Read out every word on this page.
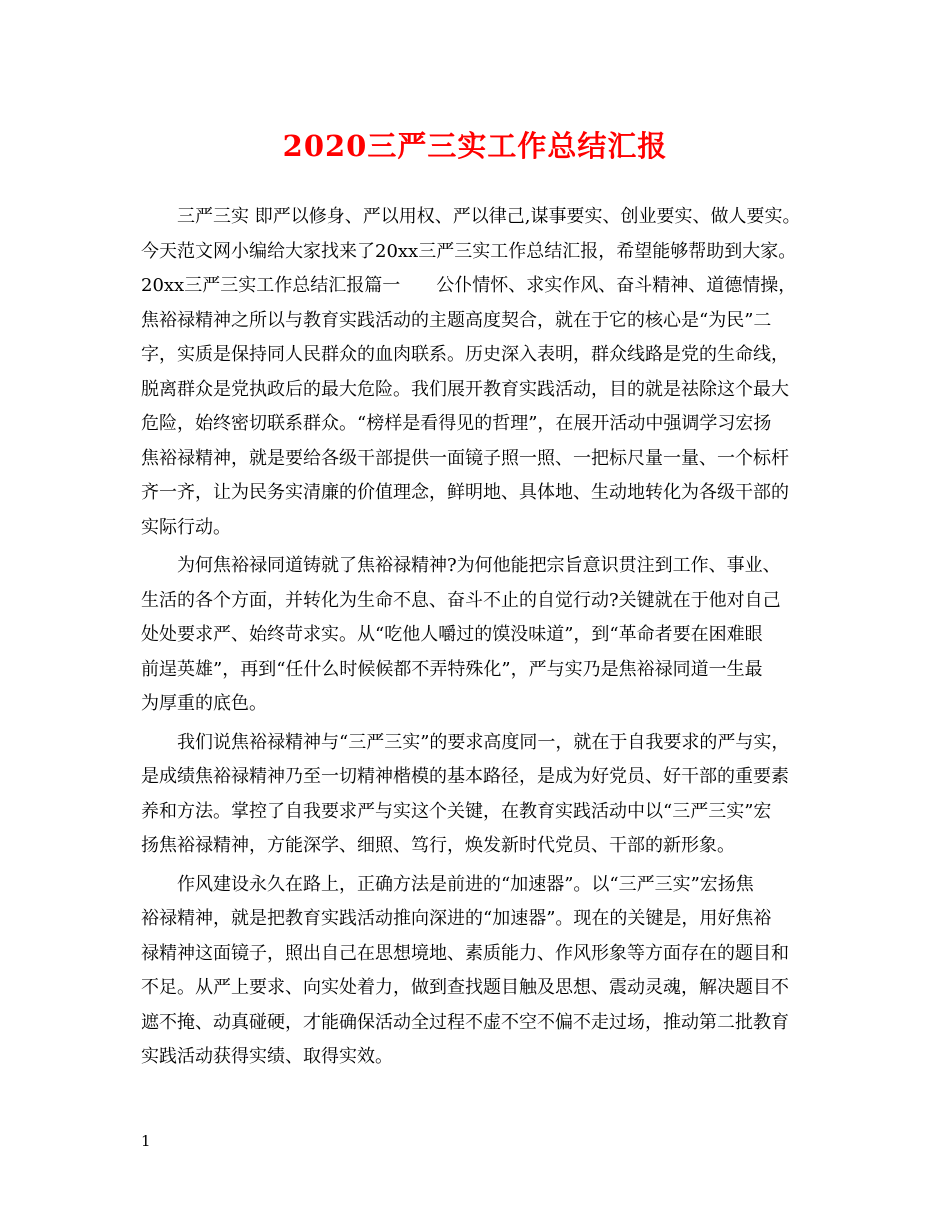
2020三严三实工作总结汇报
三严三实 即严以修身、严以用权、严以律己,谋事要实、创业要实、做人要实。
今天范文网小编给大家找来了20xx三严三实工作总结汇报，希望能够帮助到大家。
20xx三严三实工作总结汇报篇一　　公仆情怀、求实作风、奋斗精神、道德情操，
焦裕禄精神之所以与教育实践活动的主题高度契合，就在于它的核心是“为民”二
字，实质是保持同人民群众的血肉联系。历史深入表明，群众线路是党的生命线，
脱离群众是党执政后的最大危险。我们展开教育实践活动，目的就是祛除这个最大
危险，始终密切联系群众。“榜样是看得见的哲理”，在展开活动中强调学习宏扬
焦裕禄精神，就是要给各级干部提供一面镜子照一照、一把标尺量一量、一个标杆
齐一齐，让为民务实清廉的价值理念，鲜明地、具体地、生动地转化为各级干部的
实际行动。
为何焦裕禄同道铸就了焦裕禄精神?为何他能把宗旨意识贯注到工作、事业、
生活的各个方面，并转化为生命不息、奋斗不止的自觉行动?关键就在于他对自己
处处要求严、始终苛求实。从“吃他人嚼过的馍没味道”，到“革命者要在困难眼
前逞英雄”，再到“任什么时候候都不弄特殊化”，严与实乃是焦裕禄同道一生最
为厚重的底色。
我们说焦裕禄精神与“三严三实”的要求高度同一，就在于自我要求的严与实，
是成绩焦裕禄精神乃至一切精神楷模的基本路径，是成为好党员、好干部的重要素
养和方法。掌控了自我要求严与实这个关键，在教育实践活动中以“三严三实”宏
扬焦裕禄精神，方能深学、细照、笃行，焕发新时代党员、干部的新形象。
作风建设永久在路上，正确方法是前进的“加速器”。以“三严三实”宏扬焦
裕禄精神，就是把教育实践活动推向深进的“加速器”。现在的关键是，用好焦裕
禄精神这面镜子，照出自己在思想境地、素质能力、作风形象等方面存在的题目和
不足。从严上要求、向实处着力，做到查找题目触及思想、震动灵魂，解决题目不
遮不掩、动真碰硬，才能确保活动全过程不虚不空不偏不走过场，推动第二批教育
实践活动获得实绩、取得实效。
1
